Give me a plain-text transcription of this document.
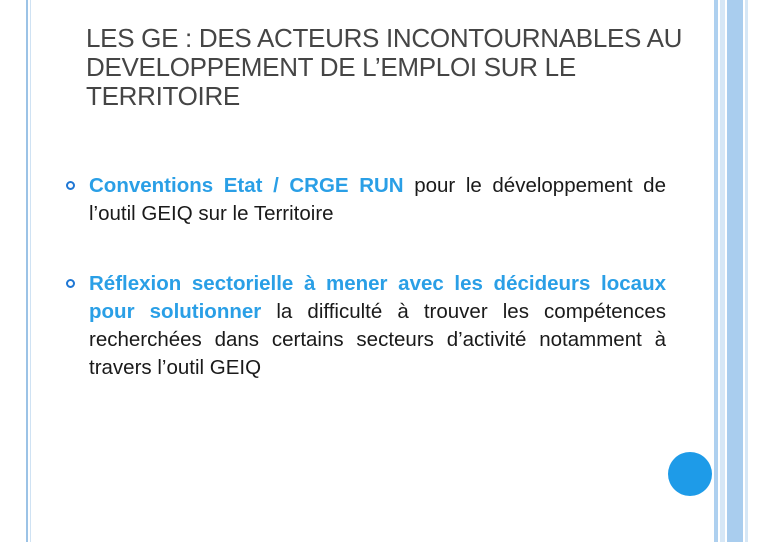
LES GE : DES ACTEURS INCONTOURNABLES AU DEVELOPPEMENT DE L’EMPLOI SUR LE TERRITOIRE
Conventions Etat / CRGE RUN pour le développement de l’outil GEIQ sur le Territoire
Réflexion sectorielle à mener avec les décideurs locaux pour solutionner la difficulté à trouver les compétences recherchées dans certains secteurs d’activité notamment à travers l’outil GEIQ
